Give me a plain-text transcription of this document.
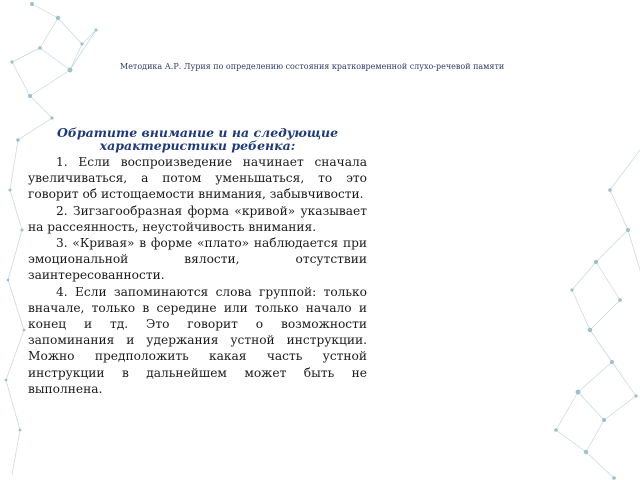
Методика А.Р. Лурия по определению состояния кратковременной слухо-речевой памяти

Обратите внимание и на следующие характеристики ребенка:

1. Если воспроизведение начинает сначала увеличиваться, а потом уменьшаться, то это говорит об истощаемости внимания, забывчивости.

2. Зигзагообразная форма «кривой» указывает на рассеянность, неустойчивость внимания.

3. «Кривая» в форме «плато» наблюдается при эмоциональной вялости, отсутствии заинтересованности.

4. Если запоминаются слова группой: только вначале, только в середине или только начало и конец и тд. Это говорит о возможности запоминания и удержания устной инструкции. Можно предположить какая часть устной инструкции в дальнейшем может быть не выполнена.
